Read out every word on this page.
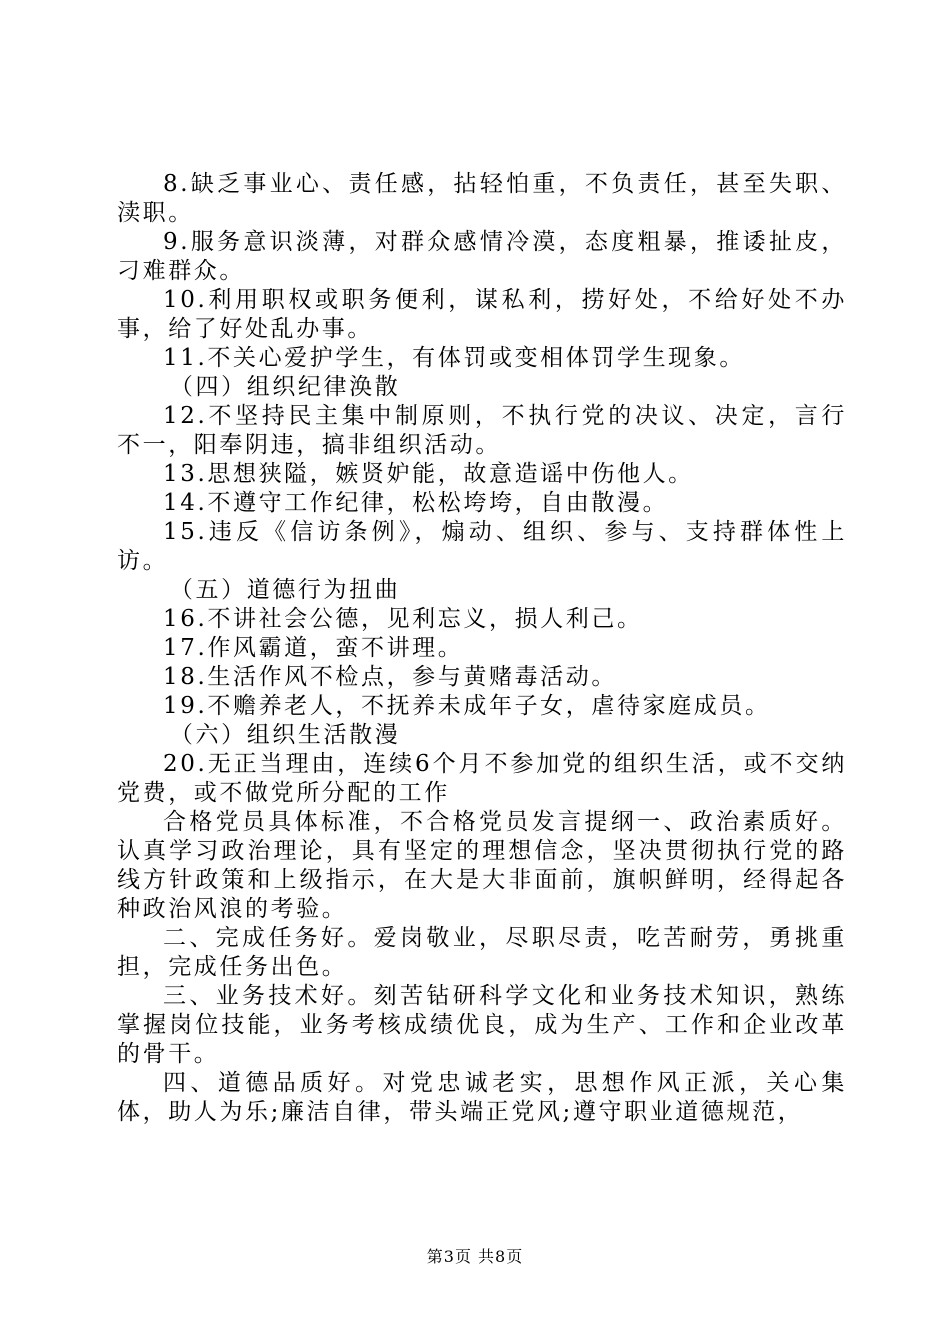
8.缺乏事业心、责任感，拈轻怕重，不负责任，甚至失职、渎职。

9.服务意识淡薄，对群众感情冷漠，态度粗暴，推诿扯皮，刁难群众。

10.利用职权或职务便利，谋私利，捞好处，不给好处不办事，给了好处乱办事。

11.不关心爱护学生，有体罚或变相体罚学生现象。

（四）组织纪律涣散

12.不坚持民主集中制原则，不执行党的决议、决定，言行不一，阳奉阴违，搞非组织活动。

13.思想狭隘，嫉贤妒能，故意造谣中伤他人。

14.不遵守工作纪律，松松垮垮，自由散漫。

15.违反《信访条例》，煽动、组织、参与、支持群体性上访。

（五）道德行为扭曲

16.不讲社会公德，见利忘义，损人利己。

17.作风霸道，蛮不讲理。

18.生活作风不检点，参与黄赌毒活动。

19.不赡养老人，不抚养未成年子女，虐待家庭成员。

（六）组织生活散漫

20.无正当理由，连续6个月不参加党的组织生活，或不交纳党费，或不做党所分配的工作

合格党员具体标准，不合格党员发言提纲一、政治素质好。认真学习政治理论，具有坚定的理想信念，坚决贯彻执行党的路线方针政策和上级指示，在大是大非面前，旗帜鲜明，经得起各种政治风浪的考验。

二、完成任务好。爱岗敬业，尽职尽责，吃苦耐劳，勇挑重担，完成任务出色。

三、业务技术好。刻苦钻研科学文化和业务技术知识，熟练掌握岗位技能，业务考核成绩优良，成为生产、工作和企业改革的骨干。

四、道德品质好。对党忠诚老实，思想作风正派，关心集体，助人为乐;廉洁自律，带头端正党风;遵守职业道德规范，

第3页 共8页
